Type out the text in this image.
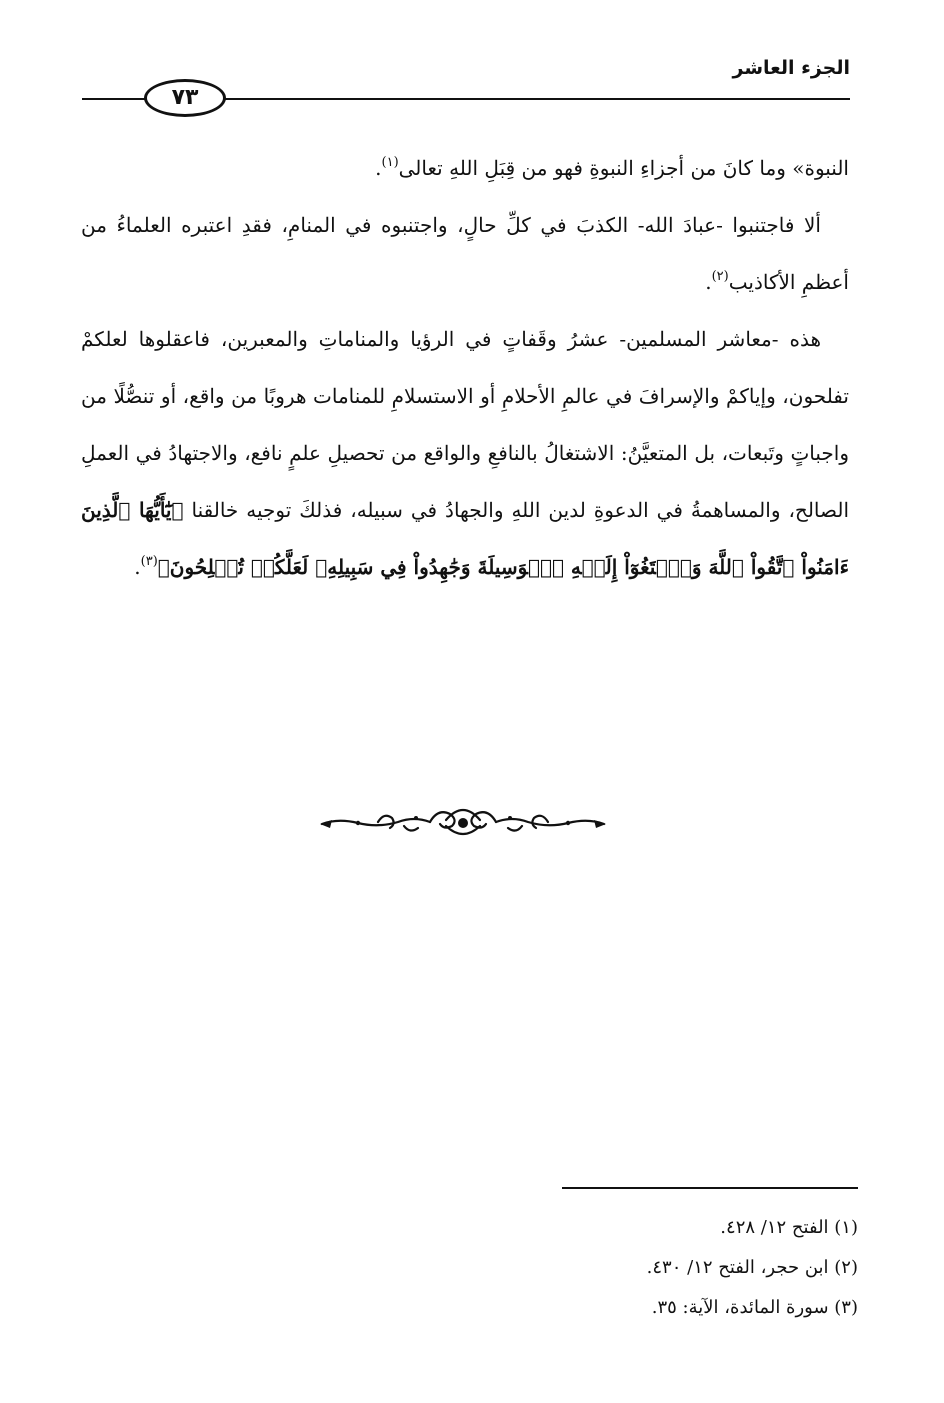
الجزء العاشر
٧٣

النبوة» وما كانَ من أجزاءِ النبوةِ فهو من قِبَلِ اللهِ تعالى$^{(١)}$.

ألا فاجتنبوا -عبادَ الله- الكذبَ في كلِّ حالٍ، واجتنبوه في المنامِ، فقدِ اعتبره العلماءُ من أعظمِ الأكاذيب$^{(٢)}$.

هذه -معاشر المسلمين- عشرُ وقَفاتٍ في الرؤيا والمناماتِ والمعبرين، فاعقلوها لعلكمْ تفلحون، وإياكمْ والإسرافَ في عالمِ الأحلامِ أو الاستسلامِ للمنامات هروبًا من واقع، أو تنصُّلًا من واجباتٍ وتَبعات، بل المتعيَّنُ: الاشتغالُ بالنافعِ والواقع من تحصيلِ علمٍ نافع، والاجتهادُ في العملِ الصالح، والمساهمةُ في الدعوةِ لدين اللهِ والجهادُ في سبيله، فذلكَ توجيه خالقنا ﴿يَٰٓأَيُّهَا ٱلَّذِينَ ءَامَنُواْ ٱتَّقُواْ ٱللَّهَ وَٱبۡتَغُوٓاْ إِلَيۡهِ ٱلۡوَسِيلَةَ وَجَٰهِدُواْ فِي سَبِيلِهِۦ لَعَلَّكُمۡ تُفۡلِحُونَ﴾$^{(٣)}$.

(١) الفتح ١٢/ ٤٢٨.
(٢) ابن حجر، الفتح ١٢/ ٤٣٠.
(٣) سورة المائدة، الآية: ٣٥.
